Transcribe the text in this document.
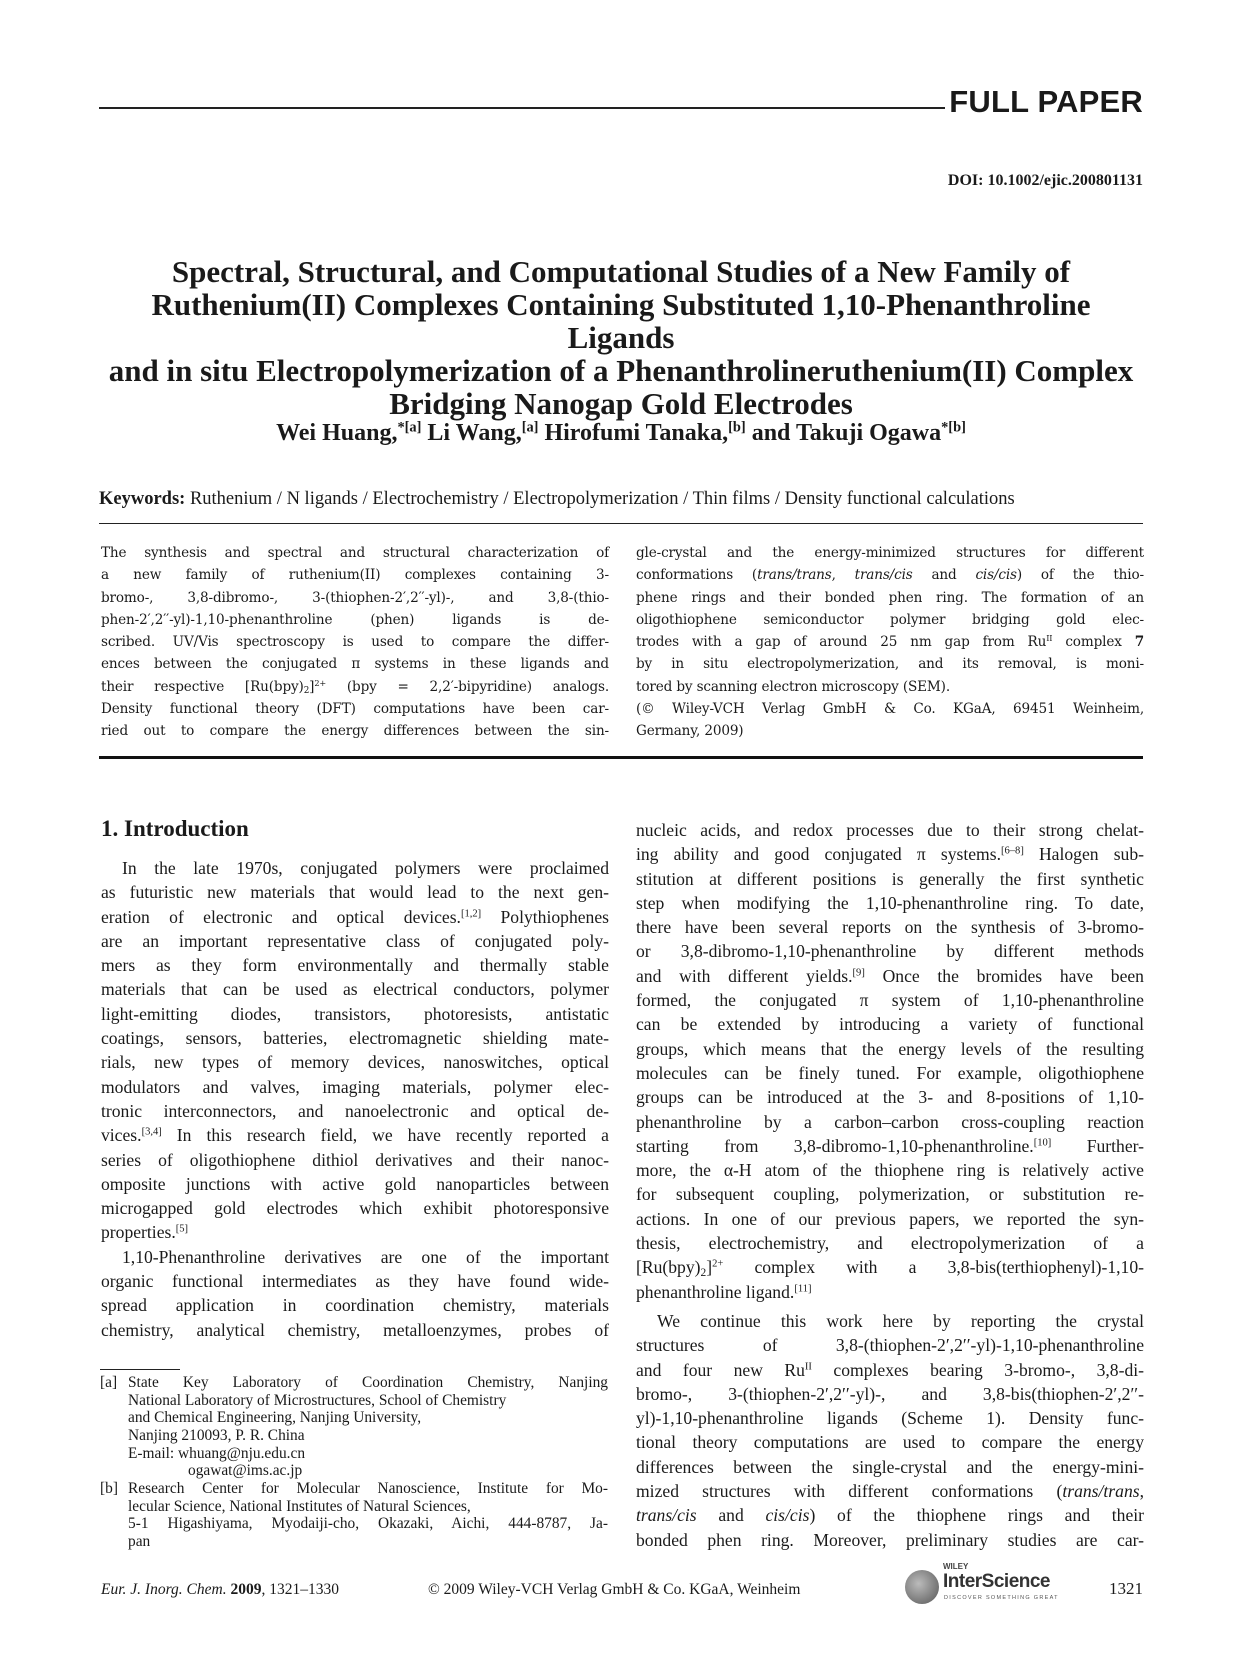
FULL PAPER
DOI: 10.1002/ejic.200801131
Spectral, Structural, and Computational Studies of a New Family of
Ruthenium(II) Complexes Containing Substituted 1,10-Phenanthroline Ligands
and in situ Electropolymerization of a Phenanthrolineruthenium(II) Complex
Bridging Nanogap Gold Electrodes
Wei Huang,$^{*[a]}$ Li Wang,[a] Hirofumi Tanaka,[b] and Takuji Ogawa$^{*[b]}$
Keywords: Ruthenium / N ligands / Electrochemistry / Electropolymerization / Thin films / Density functional calculations
The synthesis and spectral and structural characterization of
a new family of ruthenium(II) complexes containing 3-
bromo-, 3,8-dibromo-, 3-(thiophen-2′,2′′-yl)-, and 3,8-(thio-
phen-2′,2′′-yl)-1,10-phenanthroline (phen) ligands is de-
scribed. UV/Vis spectroscopy is used to compare the differ-
ences between the conjugated π systems in these ligands and
their respective $[Ru(bpy)_2]^{2+}$ (bpy = 2,2′-bipyridine) analogs.
Density functional theory (DFT) computations have been car-
ried out to compare the energy differences between the sin-
gle-crystal and the energy-minimized structures for different
conformations (trans/trans, trans/cis and cis/cis) of the thio-
phene rings and their bonded phen ring. The formation of an
oligothiophene semiconductor polymer bridging gold elec-
trodes with a gap of around 25 nm gap from $Ru^{II}$ complex 7
by in situ electropolymerization, and its removal, is moni-
tored by scanning electron microscopy (SEM).
(© Wiley-VCH Verlag GmbH & Co. KGaA, 69451 Weinheim,
Germany, 2009)
1. Introduction
In the late 1970s, conjugated polymers were proclaimed
as futuristic new materials that would lead to the next gen-
eration of electronic and optical devices.[1,2] Polythiophenes
are an important representative class of conjugated poly-
mers as they form environmentally and thermally stable
materials that can be used as electrical conductors, polymer
light-emitting diodes, transistors, photoresists, antistatic
coatings, sensors, batteries, electromagnetic shielding mate-
rials, new types of memory devices, nanoswitches, optical
modulators and valves, imaging materials, polymer elec-
tronic interconnectors, and nanoelectronic and optical de-
vices.[3,4] In this research field, we have recently reported a
series of oligothiophene dithiol derivatives and their nanoc-
omposite junctions with active gold nanoparticles between
microgapped gold electrodes which exhibit photoresponsive
properties.[5]
1,10-Phenanthroline derivatives are one of the important
organic functional intermediates as they have found wide-
spread application in coordination chemistry, materials
chemistry, analytical chemistry, metalloenzymes, probes of
nucleic acids, and redox processes due to their strong chelat-
ing ability and good conjugated π systems.[6–8] Halogen sub-
stitution at different positions is generally the first synthetic
step when modifying the 1,10-phenanthroline ring. To date,
there have been several reports on the synthesis of 3-bromo-
or 3,8-dibromo-1,10-phenanthroline by different methods
and with different yields.[9] Once the bromides have been
formed, the conjugated π system of 1,10-phenanthroline
can be extended by introducing a variety of functional
groups, which means that the energy levels of the resulting
molecules can be finely tuned. For example, oligothiophene
groups can be introduced at the 3- and 8-positions of 1,10-
phenanthroline by a carbon–carbon cross-coupling reaction
starting from 3,8-dibromo-1,10-phenanthroline.[10] Further-
more, the α-H atom of the thiophene ring is relatively active
for subsequent coupling, polymerization, or substitution re-
actions. In one of our previous papers, we reported the syn-
thesis, electrochemistry, and electropolymerization of a
$[Ru(bpy)_2]^{2+}$ complex with a 3,8-bis(terthiophenyl)-1,10-
phenanthroline ligand.[11]
We continue this work here by reporting the crystal
structures of 3,8-(thiophen-2′,2′′-yl)-1,10-phenanthroline
and four new $Ru^{II}$ complexes bearing 3-bromo-, 3,8-di-
bromo-, 3-(thiophen-2′,2′′-yl)-, and 3,8-bis(thiophen-2′,2′′-
yl)-1,10-phenanthroline ligands (Scheme 1). Density func-
tional theory computations are used to compare the energy
differences between the single-crystal and the energy-mini-
mized structures with different conformations (trans/trans,
trans/cis and cis/cis) of the thiophene rings and their
bonded phen ring. Moreover, preliminary studies are car-
[a] State Key Laboratory of Coordination Chemistry, Nanjing
National Laboratory of Microstructures, School of Chemistry
and Chemical Engineering, Nanjing University,
Nanjing 210093, P. R. China
E-mail: whuang@nju.edu.cn
ogawat@ims.ac.jp
[b] Research Center for Molecular Nanoscience, Institute for Mo-
lecular Science, National Institutes of Natural Sciences,
5-1 Higashiyama, Myodaiji-cho, Okazaki, Aichi, 444-8787, Ja-
pan
Eur. J. Inorg. Chem. 2009, 1321–1330	© 2009 Wiley-VCH Verlag GmbH & Co. KGaA, Weinheim
WILEY
InterScience
DISCOVER SOMETHING GREAT	1321
